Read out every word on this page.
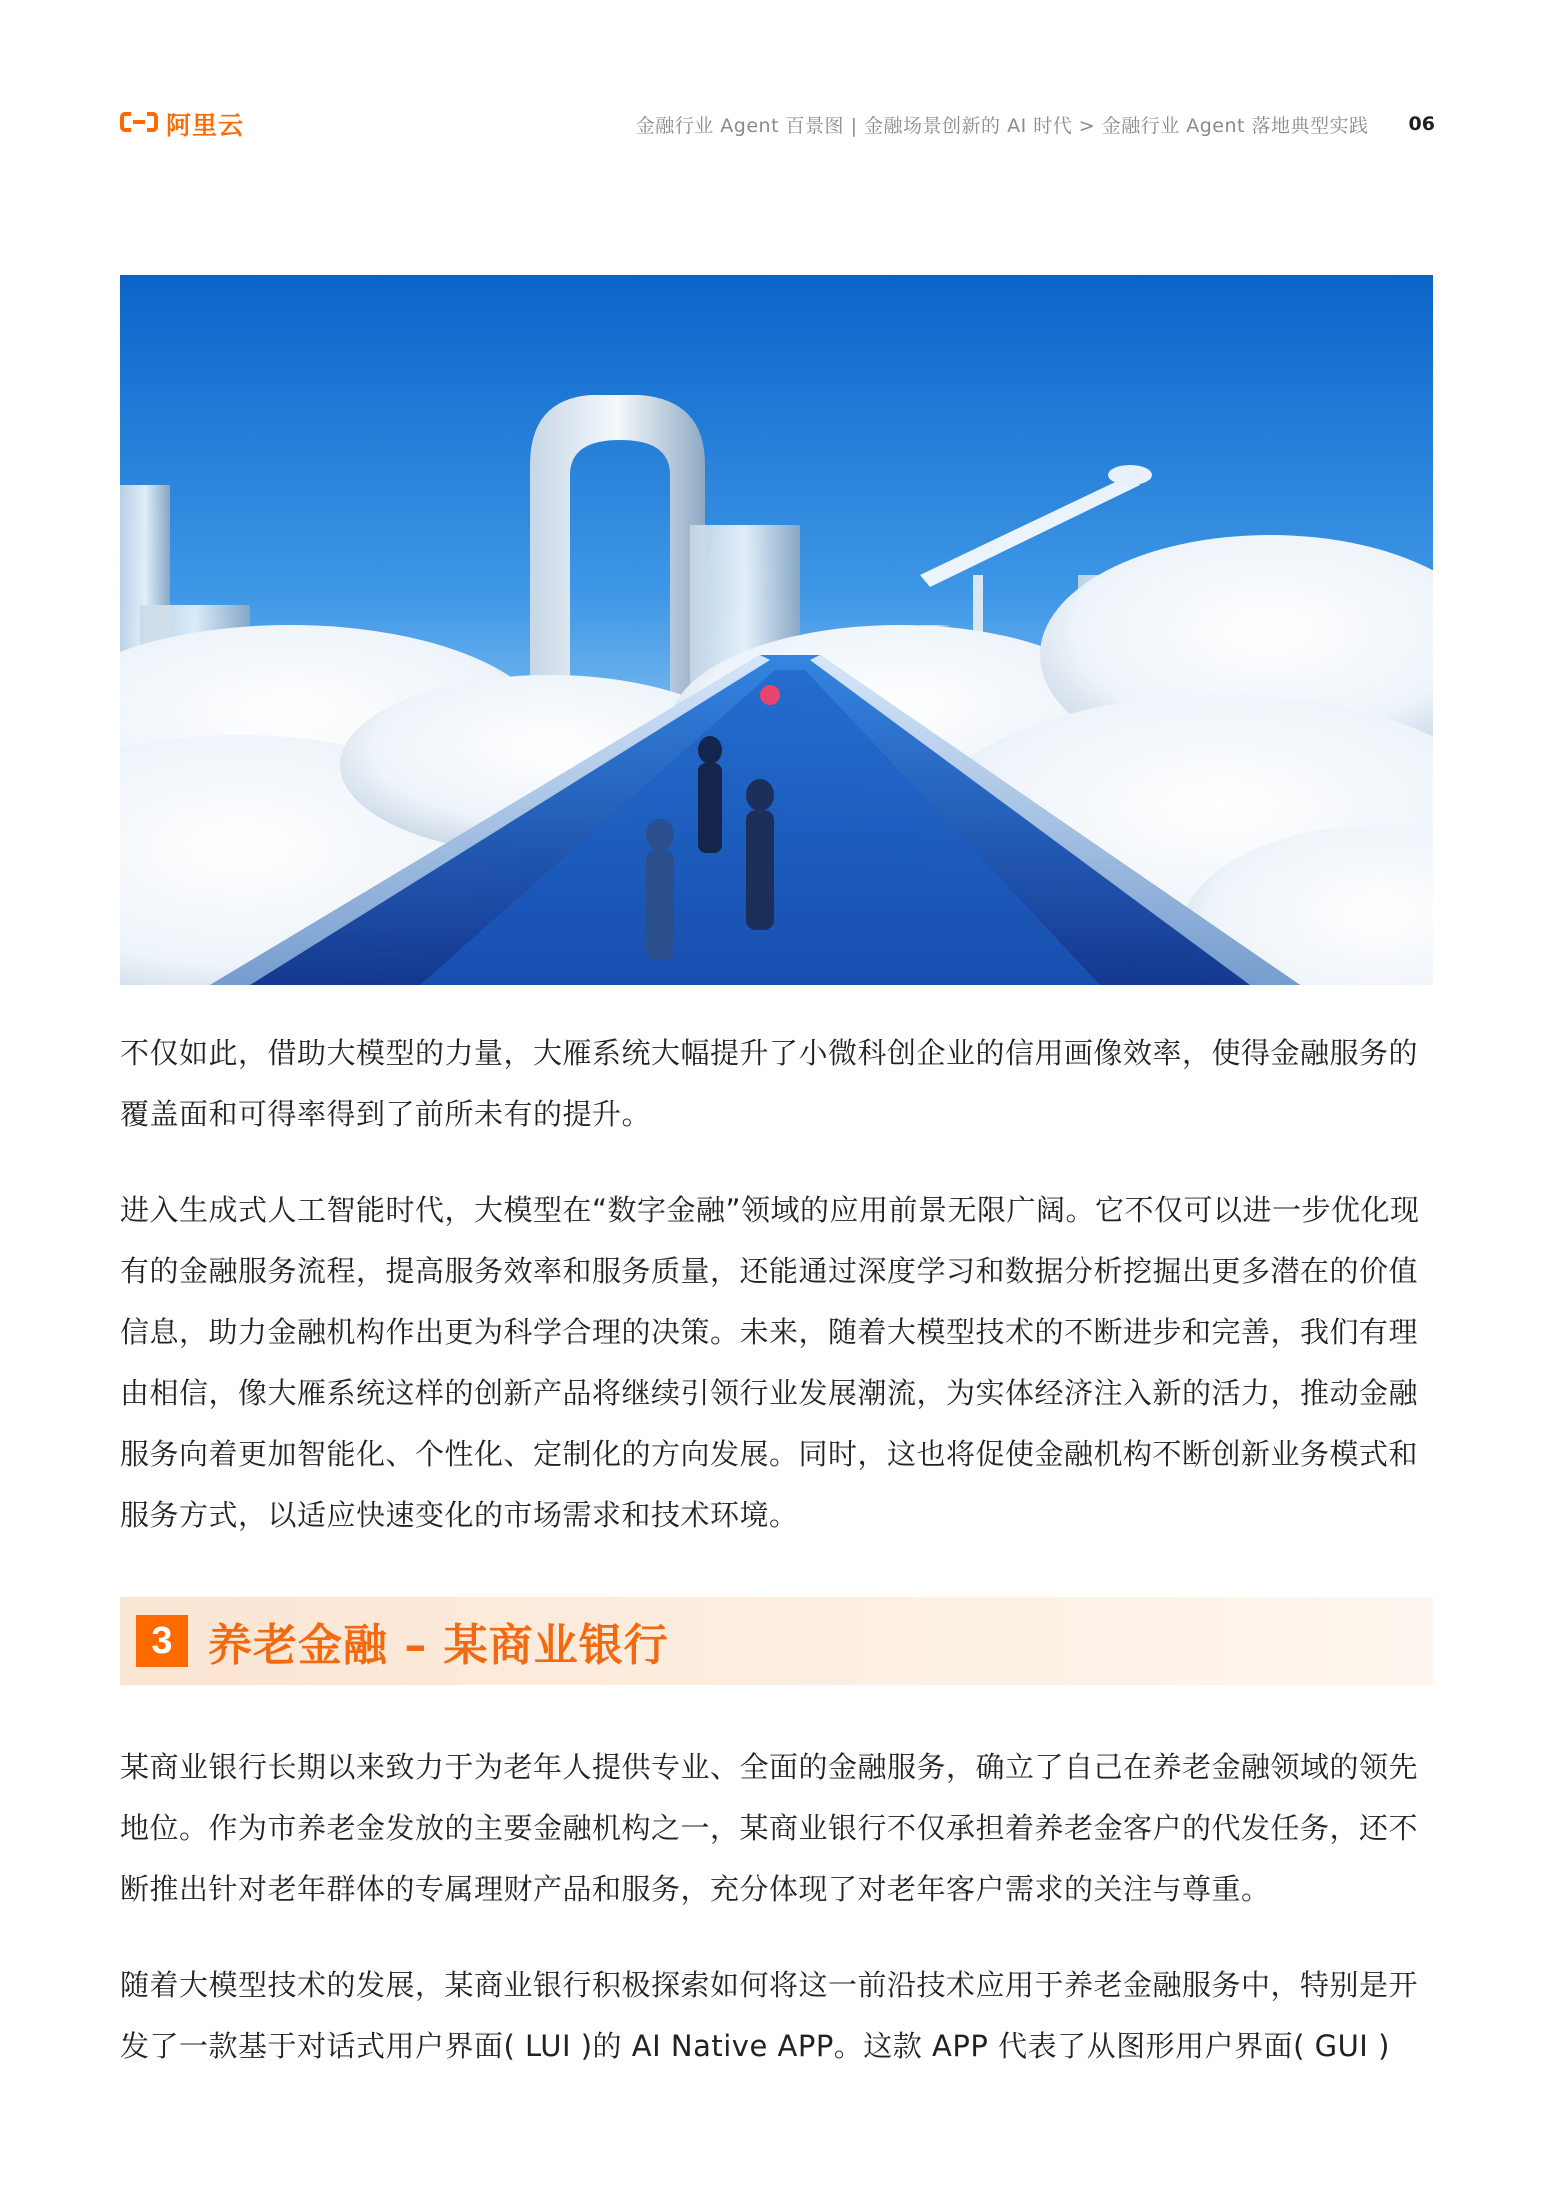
阿里云	金融行业 Agent 百景图 | 金融场景创新的 AI 时代 > 金融行业 Agent 落地典型实践 06

不仅如此，借助大模型的力量，大雁系统大幅提升了小微科创企业的信用画像效率，使得金融服务的覆盖面和可得率得到了前所未有的提升。

进入生成式人工智能时代，大模型在“数字金融”领域的应用前景无限广阔。它不仅可以进一步优化现有的金融服务流程，提高服务效率和服务质量，还能通过深度学习和数据分析挖掘出更多潜在的价值信息，助力金融机构作出更为科学合理的决策。未来，随着大模型技术的不断进步和完善，我们有理由相信，像大雁系统这样的创新产品将继续引领行业发展潮流，为实体经济注入新的活力，推动金融服务向着更加智能化、个性化、定制化的方向发展。同时，这也将促使金融机构不断创新业务模式和服务方式，以适应快速变化的市场需求和技术环境。

3 养老金融 – 某商业银行

某商业银行长期以来致力于为老年人提供专业、全面的金融服务，确立了自己在养老金融领域的领先地位。作为市养老金发放的主要金融机构之一，某商业银行不仅承担着养老金客户的代发任务，还不断推出针对老年群体的专属理财产品和服务，充分体现了对老年客户需求的关注与尊重。

随着大模型技术的发展，某商业银行积极探索如何将这一前沿技术应用于养老金融服务中，特别是开发了一款基于对话式用户界面( LUI )的 AI Native APP。这款 APP 代表了从图形用户界面( GUI )
